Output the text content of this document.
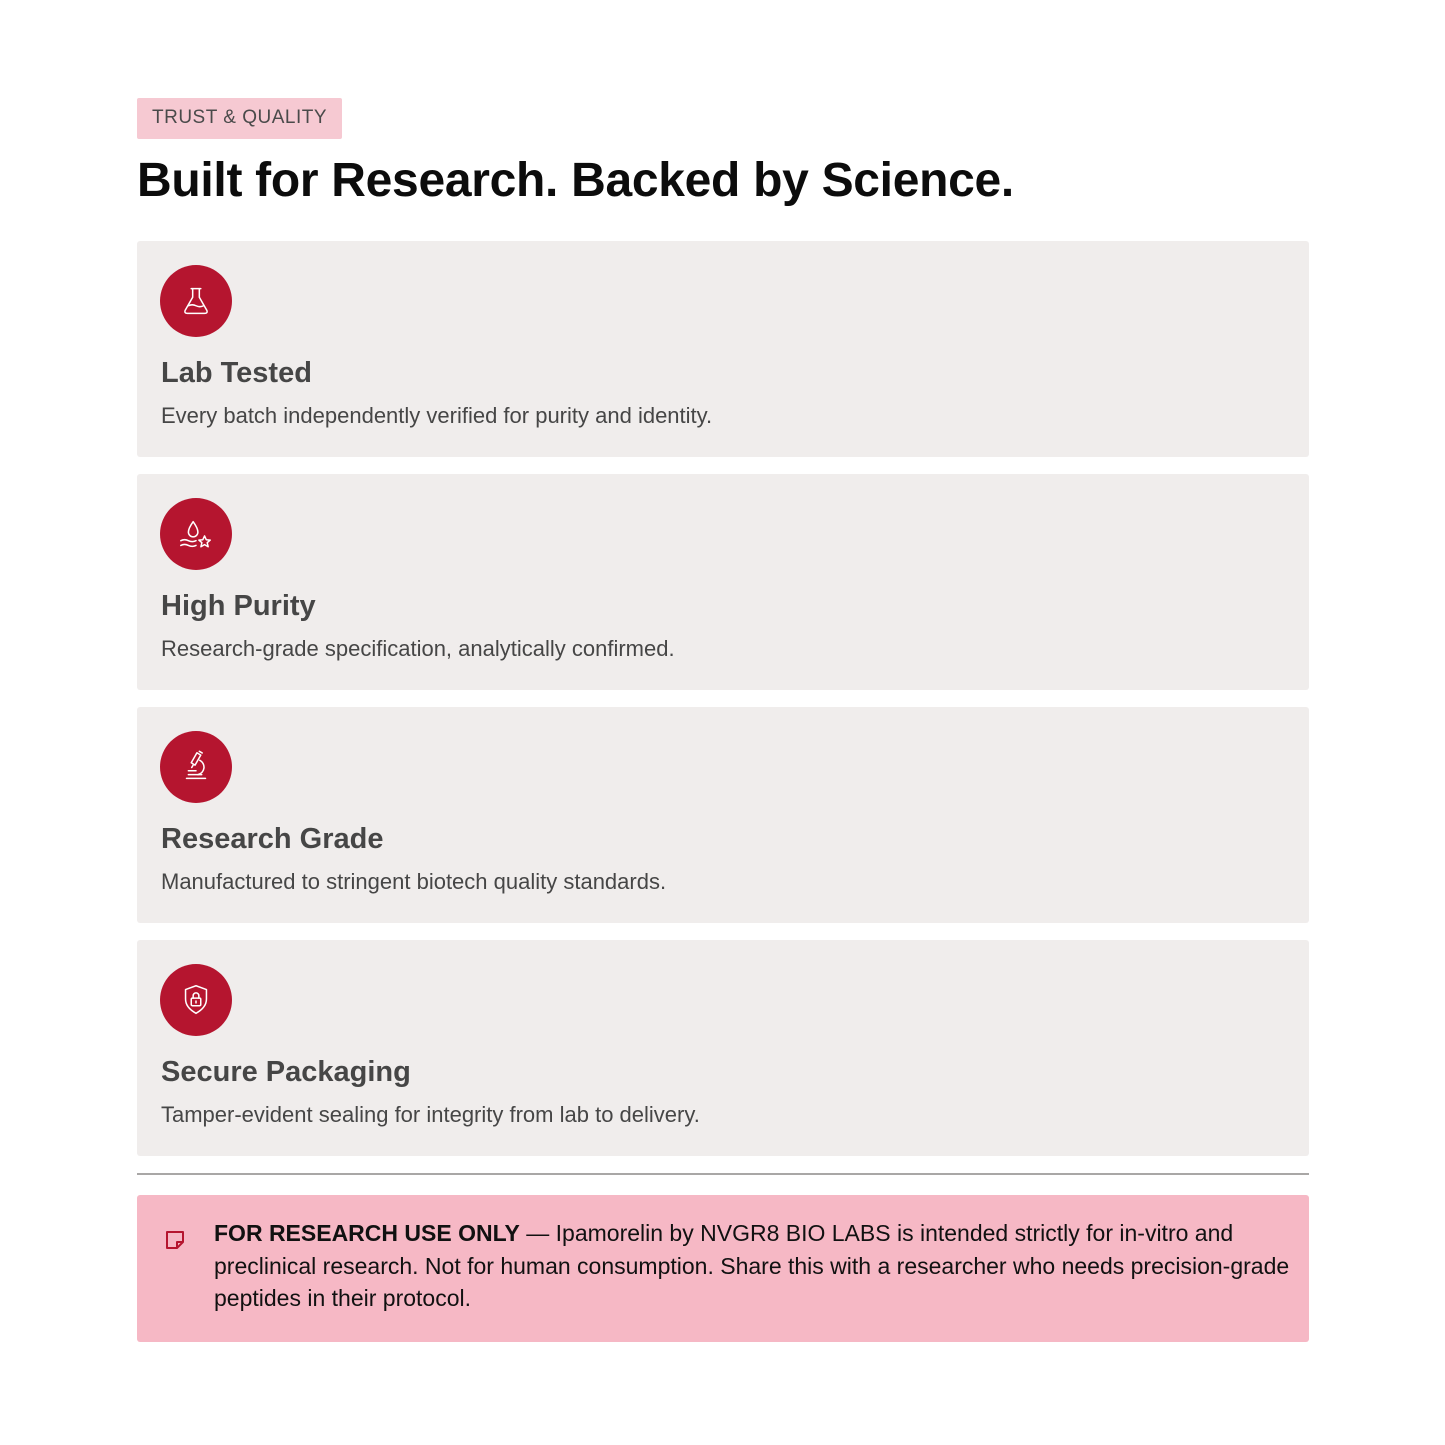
TRUST & QUALITY
Built for Research. Backed by Science.
Lab Tested
Every batch independently verified for purity and identity.
High Purity
Research-grade specification, analytically confirmed.
Research Grade
Manufactured to stringent biotech quality standards.
Secure Packaging
Tamper-evident sealing for integrity from lab to delivery.
FOR RESEARCH USE ONLY — Ipamorelin by NVGR8 BIO LABS is intended strictly for in-vitro and preclinical research. Not for human consumption. Share this with a researcher who needs precision-grade peptides in their protocol.
